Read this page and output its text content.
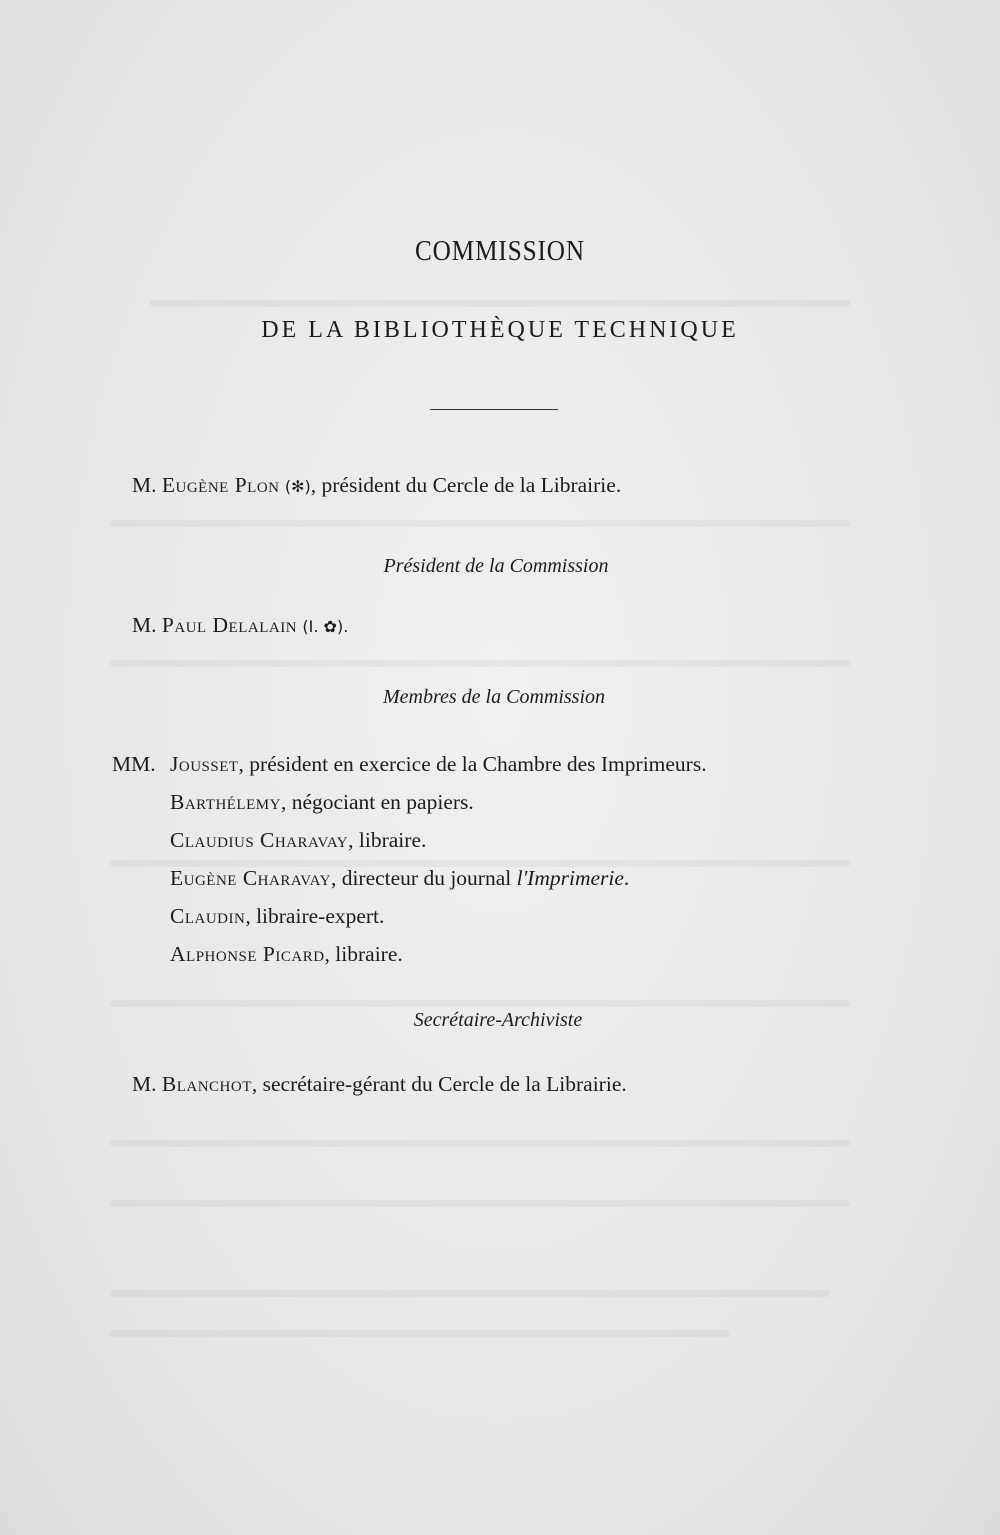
COMMISSION
DE LA BIBLIOTHÈQUE TECHNIQUE
M. Eugène Plon (✻), président du Cercle de la Librairie.
Président de la Commission
M. Paul Delalain (I. ✿).
Membres de la Commission
MM. Jousset, président en exercice de la Chambre des Imprimeurs.
Barthélemy, négociant en papiers.
Claudius Charavay, libraire.
Eugène Charavay, directeur du journal l'Imprimerie.
Claudin, libraire-expert.
Alphonse Picard, libraire.
Secrétaire-Archiviste
M. Blanchot, secrétaire-gérant du Cercle de la Librairie.
